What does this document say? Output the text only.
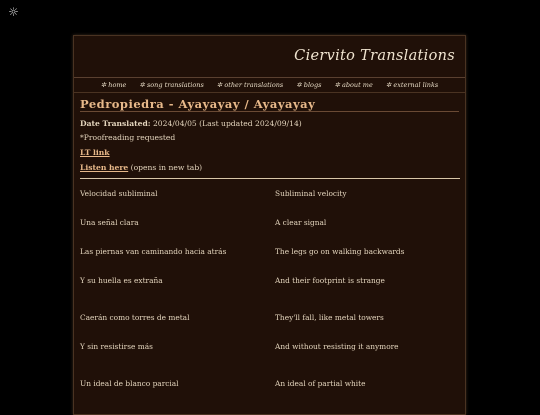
☼
Ciervito Translations
✲ home ✲ song translations ✲ other translations ✲ blogs ✲ about me ✲ external links
Pedropiedra - Ayayayay / Ayayayay
Date Translated: 2024/04/05 (Last updated 2024/09/14)
*Proofreading requested
LT link
Listen here (opens in new tab)
Velocidad subliminal	Subliminal velocity
Una señal clara	A clear signal
Las piernas van caminando hacia atrás	The legs go on walking backwards
Y su huella es extraña	And their footprint is strange
Caerán como torres de metal	They'll fall, like metal towers
Y sin resistirse más	And without resisting it anymore
Un ideal de blanco parcial	An ideal of partial white
